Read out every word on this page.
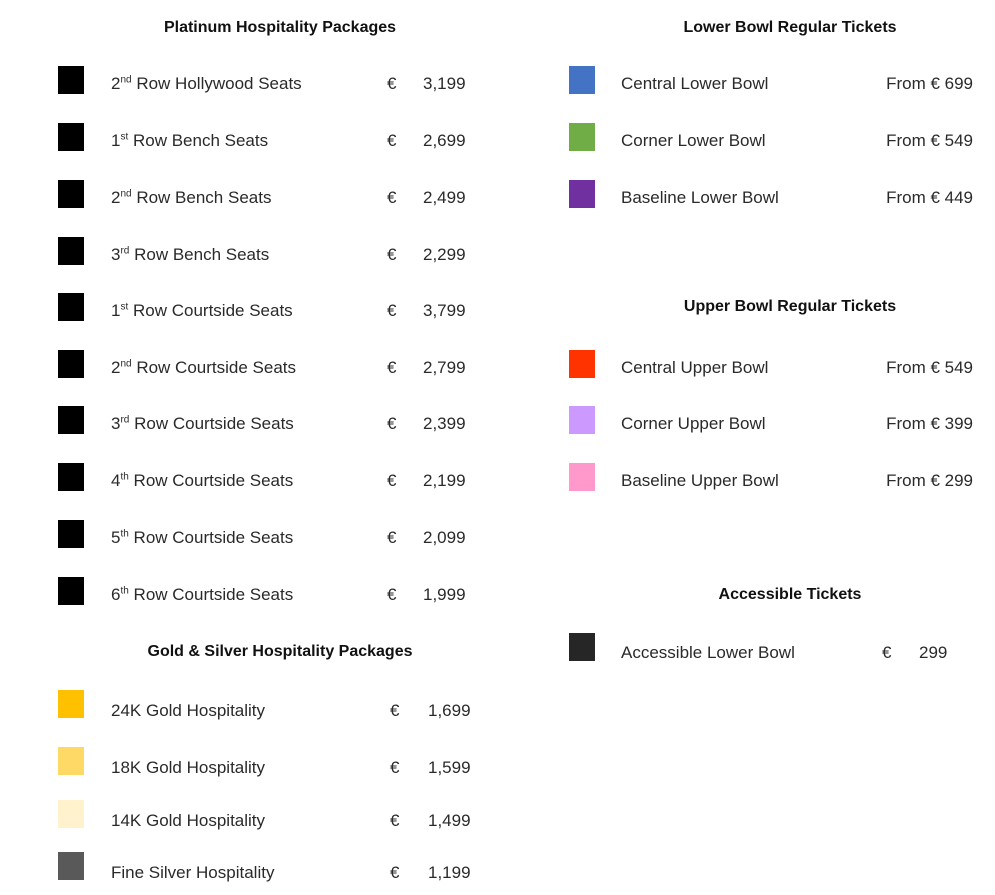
Platinum Hospitality Packages
Gold & Silver Hospitality Packages
Lower Bowl Regular Tickets
Upper Bowl Regular Tickets
Accessible Tickets
2nd Row Hollywood Seats	€ 3,199
1st Row Bench Seats	€ 2,699
2nd Row Bench Seats	€ 2,499
3rd Row Bench Seats	€ 2,299
1st Row Courtside Seats	€ 3,799
2nd Row Courtside Seats	€ 2,799
3rd Row Courtside Seats	€ 2,399
4th Row Courtside Seats	€ 2,199
5th Row Courtside Seats	€ 2,099
6th Row Courtside Seats	€ 1,999
24K Gold Hospitality	€ 1,699
18K Gold Hospitality	€ 1,599
14K Gold Hospitality	€ 1,499
Fine Silver Hospitality	€ 1,199
Central Lower Bowl	From € 699
Corner Lower Bowl	From € 549
Baseline Lower Bowl	From € 449
Central Upper Bowl	From € 549
Corner Upper Bowl	From € 399
Baseline Upper Bowl	From € 299
Accessible Lower Bowl	€ 299
